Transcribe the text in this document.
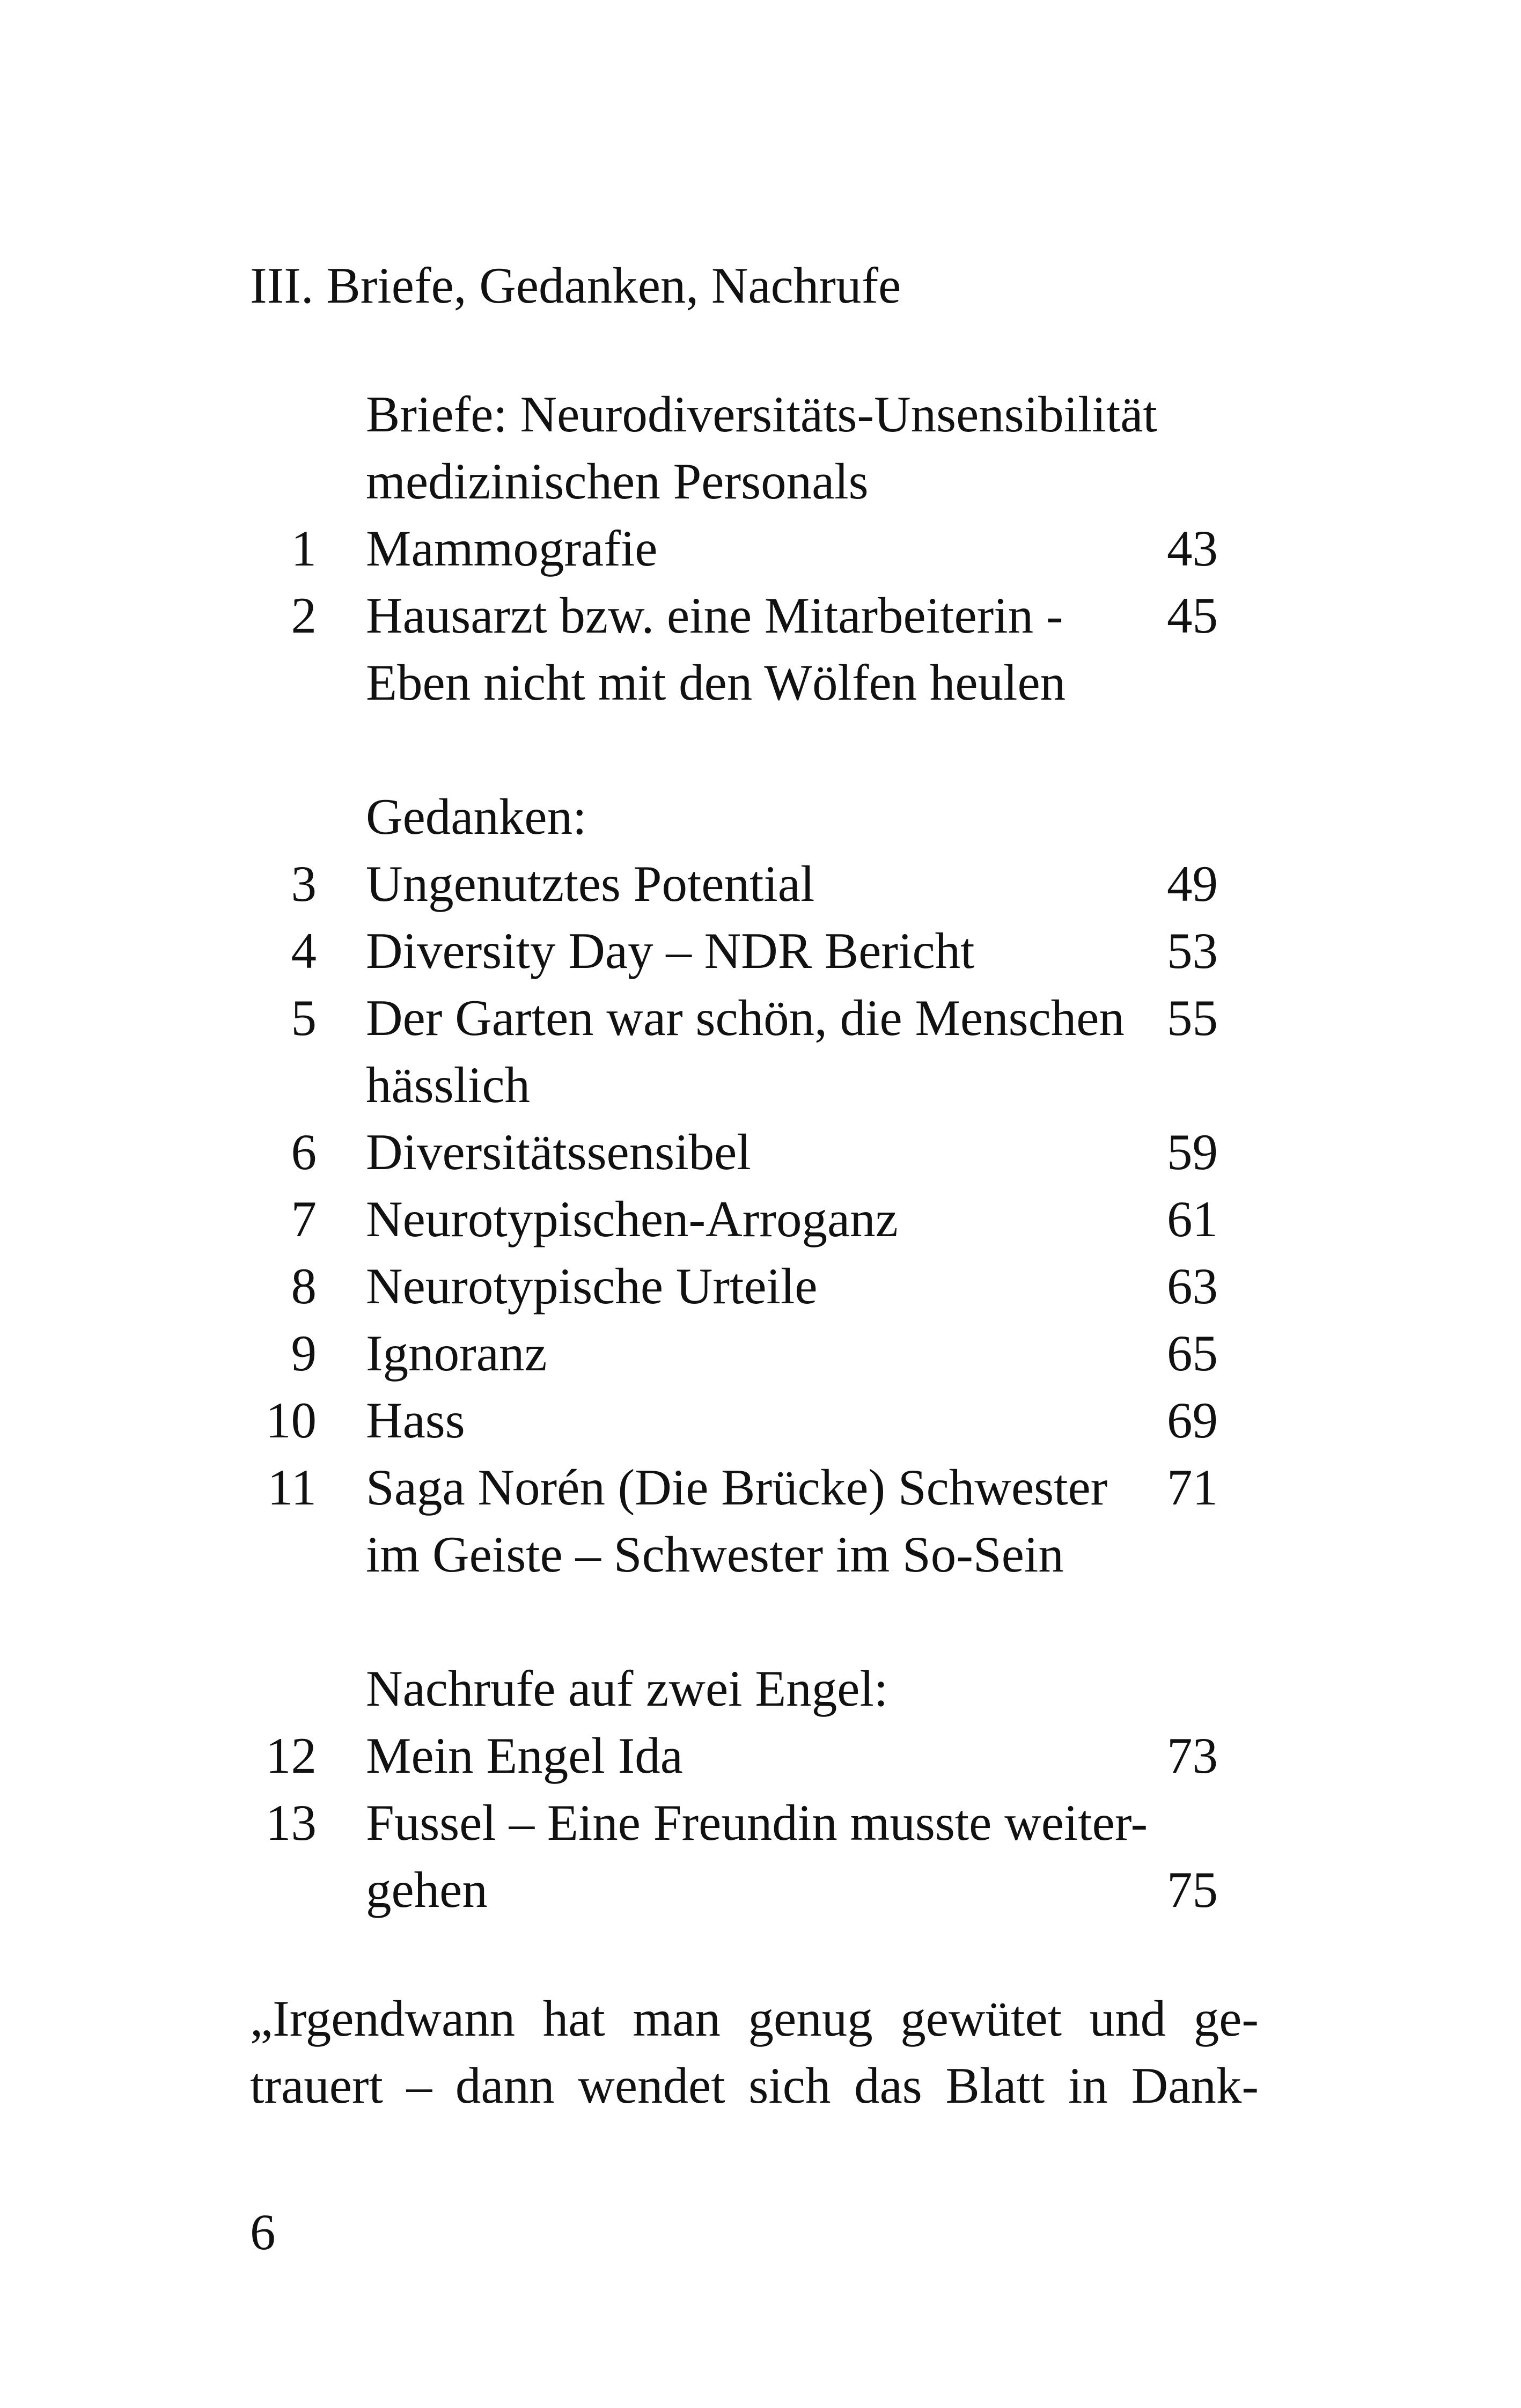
III. Briefe, Gedanken, Nachrufe
Briefe: Neurodiversitäts-Unsensibilität
medizinischen Personals
1 Mammografie	43
2 Hausarzt bzw. eine Mitarbeiterin - 45
Eben nicht mit den Wölfen heulen
Gedanken:
3 Ungenutztes Potential	49
4 Diversity Day – NDR Bericht	53
5 Der Garten war schön, die Menschen 55
hässlich
6 Diversitätssensibel	59
7 Neurotypischen-Arroganz	61
8 Neurotypische Urteile	63
9 Ignoranz	65
10 Hass	69
11 Saga Norén (Die Brücke) Schwester 71
im Geiste – Schwester im So-Sein
Nachrufe auf zwei Engel:
12 Mein Engel Ida	73
13 Fussel – Eine Freundin musste weiter-
gehen	75
„Irgendwann hat man genug gewütet und ge-
trauert – dann wendet sich das Blatt in Dank-
6
